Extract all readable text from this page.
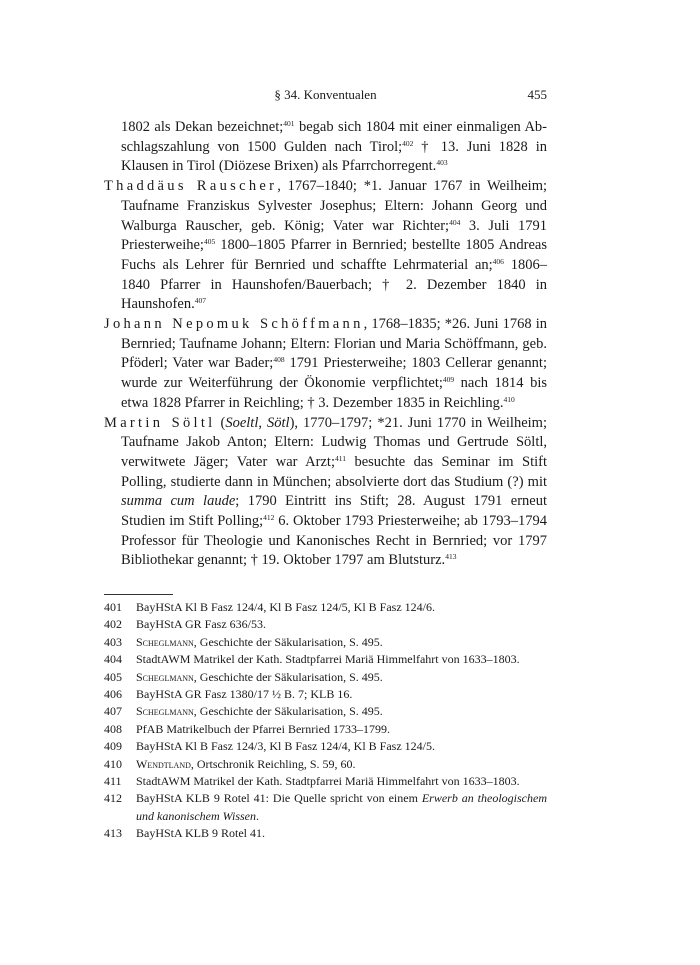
§ 34. Konventualen	455

1802 als Dekan bezeichnet;$^{401}$ begab sich 1804 mit einer einmaligen Abschlagszahlung von 1500 Gulden nach Tirol;$^{402}$ † 13. Juni 1828 in Klausen in Tirol (Diözese Brixen) als Pfarrchorregent.$^{403}$

Thaddäus Rauscher, 1767–1840; *1. Januar 1767 in Weilheim; Taufname Franziskus Sylvester Josephus; Eltern: Johann Georg und Walburga Rauscher, geb. König; Vater war Richter;$^{404}$ 3. Juli 1791 Priesterweihe;$^{405}$ 1800–1805 Pfarrer in Bernried; bestellte 1805 Andreas Fuchs als Lehrer für Bernried und schaffte Lehrmaterial an;$^{406}$ 1806–1840 Pfarrer in Haunshofen/Bauerbach; † 2. Dezember 1840 in Haunshofen.$^{407}$

Johann Nepomuk Schöffmann, 1768–1835; *26. Juni 1768 in Bernried; Taufname Johann; Eltern: Florian und Maria Schöffmann, geb. Pföderl; Vater war Bader;$^{408}$ 1791 Priesterweihe; 1803 Cellerar genannt; wurde zur Weiterführung der Ökonomie verpflichtet;$^{409}$ nach 1814 bis etwa 1828 Pfarrer in Reichling; † 3. Dezember 1835 in Reichling.$^{410}$

Martin Söltl (Soeltl, Sötl), 1770–1797; *21. Juni 1770 in Weilheim; Taufname Jakob Anton; Eltern: Ludwig Thomas und Gertrude Söltl, verwitwete Jäger; Vater war Arzt;$^{411}$ besuchte das Seminar im Stift Polling, studierte dann in München; absolvierte dort das Studium (?) mit summa cum laude; 1790 Eintritt ins Stift; 28. August 1791 erneut Studien im Stift Polling;$^{412}$ 6. Oktober 1793 Priesterweihe; ab 1793–1794 Professor für Theologie und Kanonisches Recht in Bernried; vor 1797 Bibliothekar genannt; † 19. Oktober 1797 am Blutsturz.$^{413}$

401 BayHStA Kl B Fasz 124/4, Kl B Fasz 124/5, Kl B Fasz 124/6.
402 BayHStA GR Fasz 636/53.
403 Scheglmann, Geschichte der Säkularisation, S. 495.
404 StadtAWM Matrikel der Kath. Stadtpfarrei Mariä Himmelfahrt von 1633–1803.
405 Scheglmann, Geschichte der Säkularisation, S. 495.
406 BayHStA GR Fasz 1380/17 ½ B. 7; KLB 16.
407 Scheglmann, Geschichte der Säkularisation, S. 495.
408 PfAB Matrikelbuch der Pfarrei Bernried 1733–1799.
409 BayHStA Kl B Fasz 124/3, Kl B Fasz 124/4, Kl B Fasz 124/5.
410 Wendtland, Ortschronik Reichling, S. 59, 60.
411 StadtAWM Matrikel der Kath. Stadtpfarrei Mariä Himmelfahrt von 1633–1803.
412 BayHStA KLB 9 Rotel 41: Die Quelle spricht von einem Erwerb an theologischem und kanonischem Wissen.
413 BayHStA KLB 9 Rotel 41.
